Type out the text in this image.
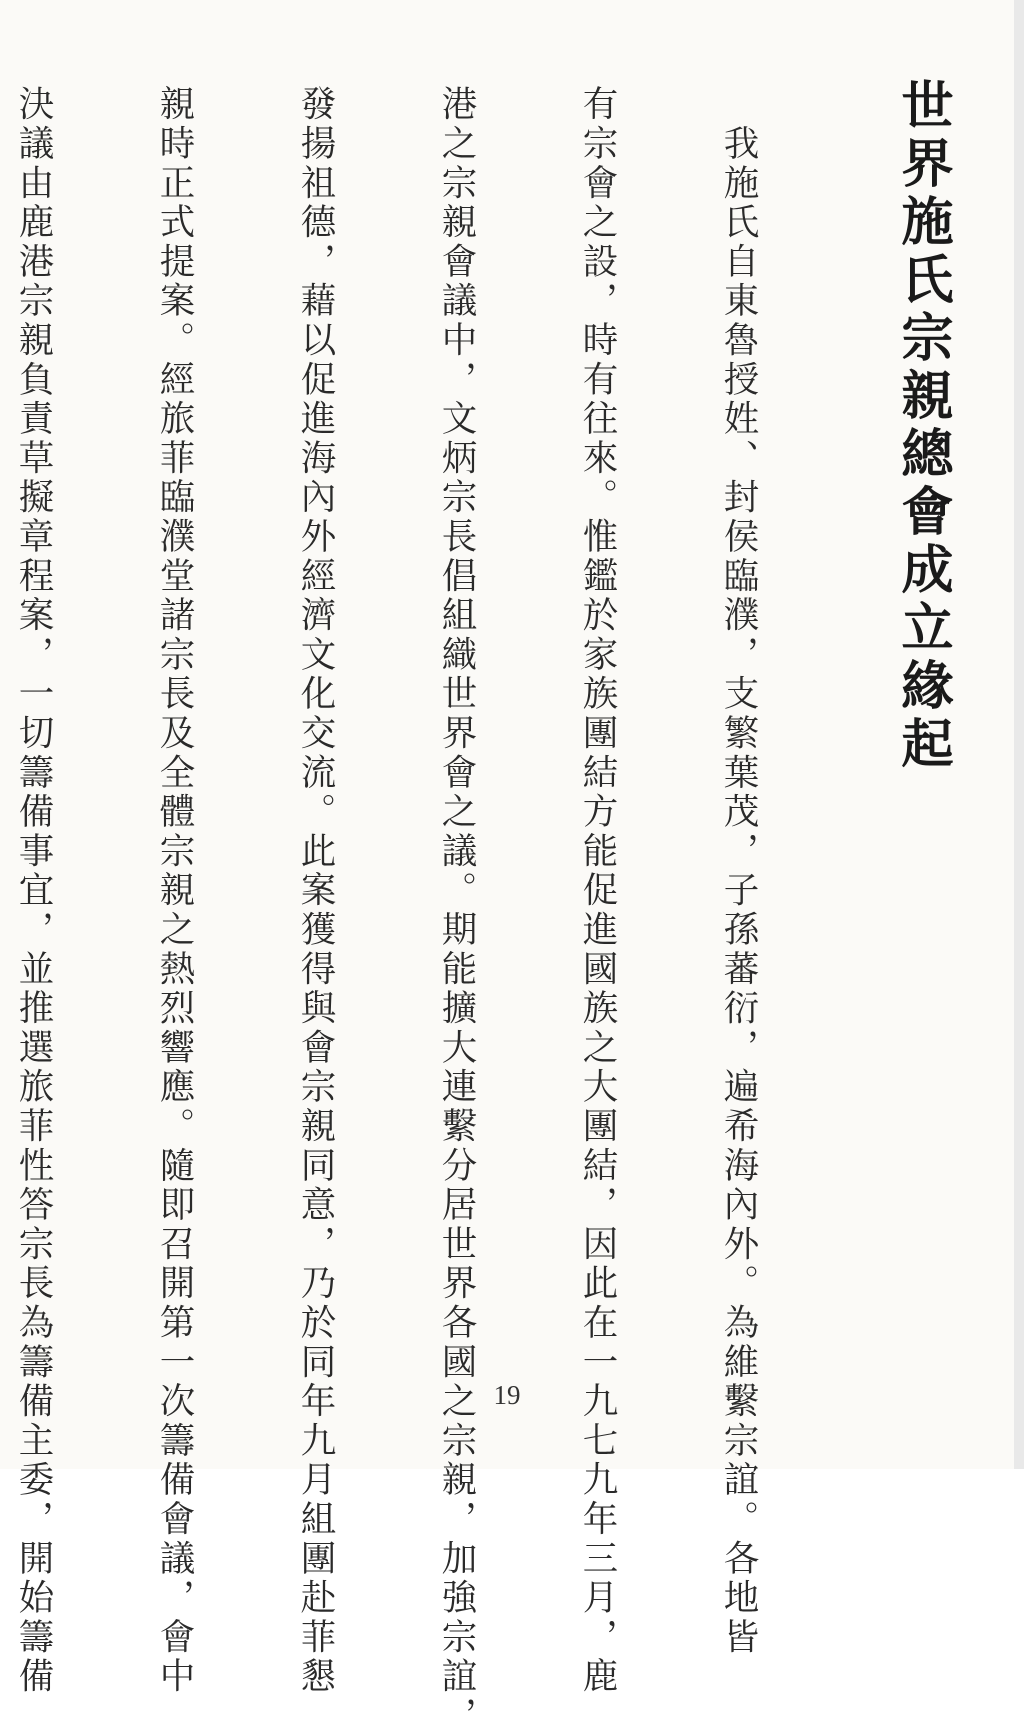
世界施氏宗親總會成立緣起

　我施氏自東魯授姓、封侯臨濮，支繁葉茂，子孫蕃衍，遍希海內外。為維繫宗誼。各地皆

有宗會之設，時有往來。惟鑑於家族團結方能促進國族之大團結，因此在一九七九年三月，鹿

港之宗親會議中，文炳宗長倡組織世界會之議。期能擴大連繫分居世界各國之宗親，加強宗誼，

發揚祖德，藉以促進海內外經濟文化交流。此案獲得與會宗親同意，乃於同年九月組團赴菲懇

親時正式提案。經旅菲臨濮堂諸宗長及全體宗親之熱烈響應。隨即召開第一次籌備會議，會中

決議由鹿港宗親負責草擬章程案，一切籌備事宜，並推選旅菲性答宗長為籌備主委，開始籌備

	19
